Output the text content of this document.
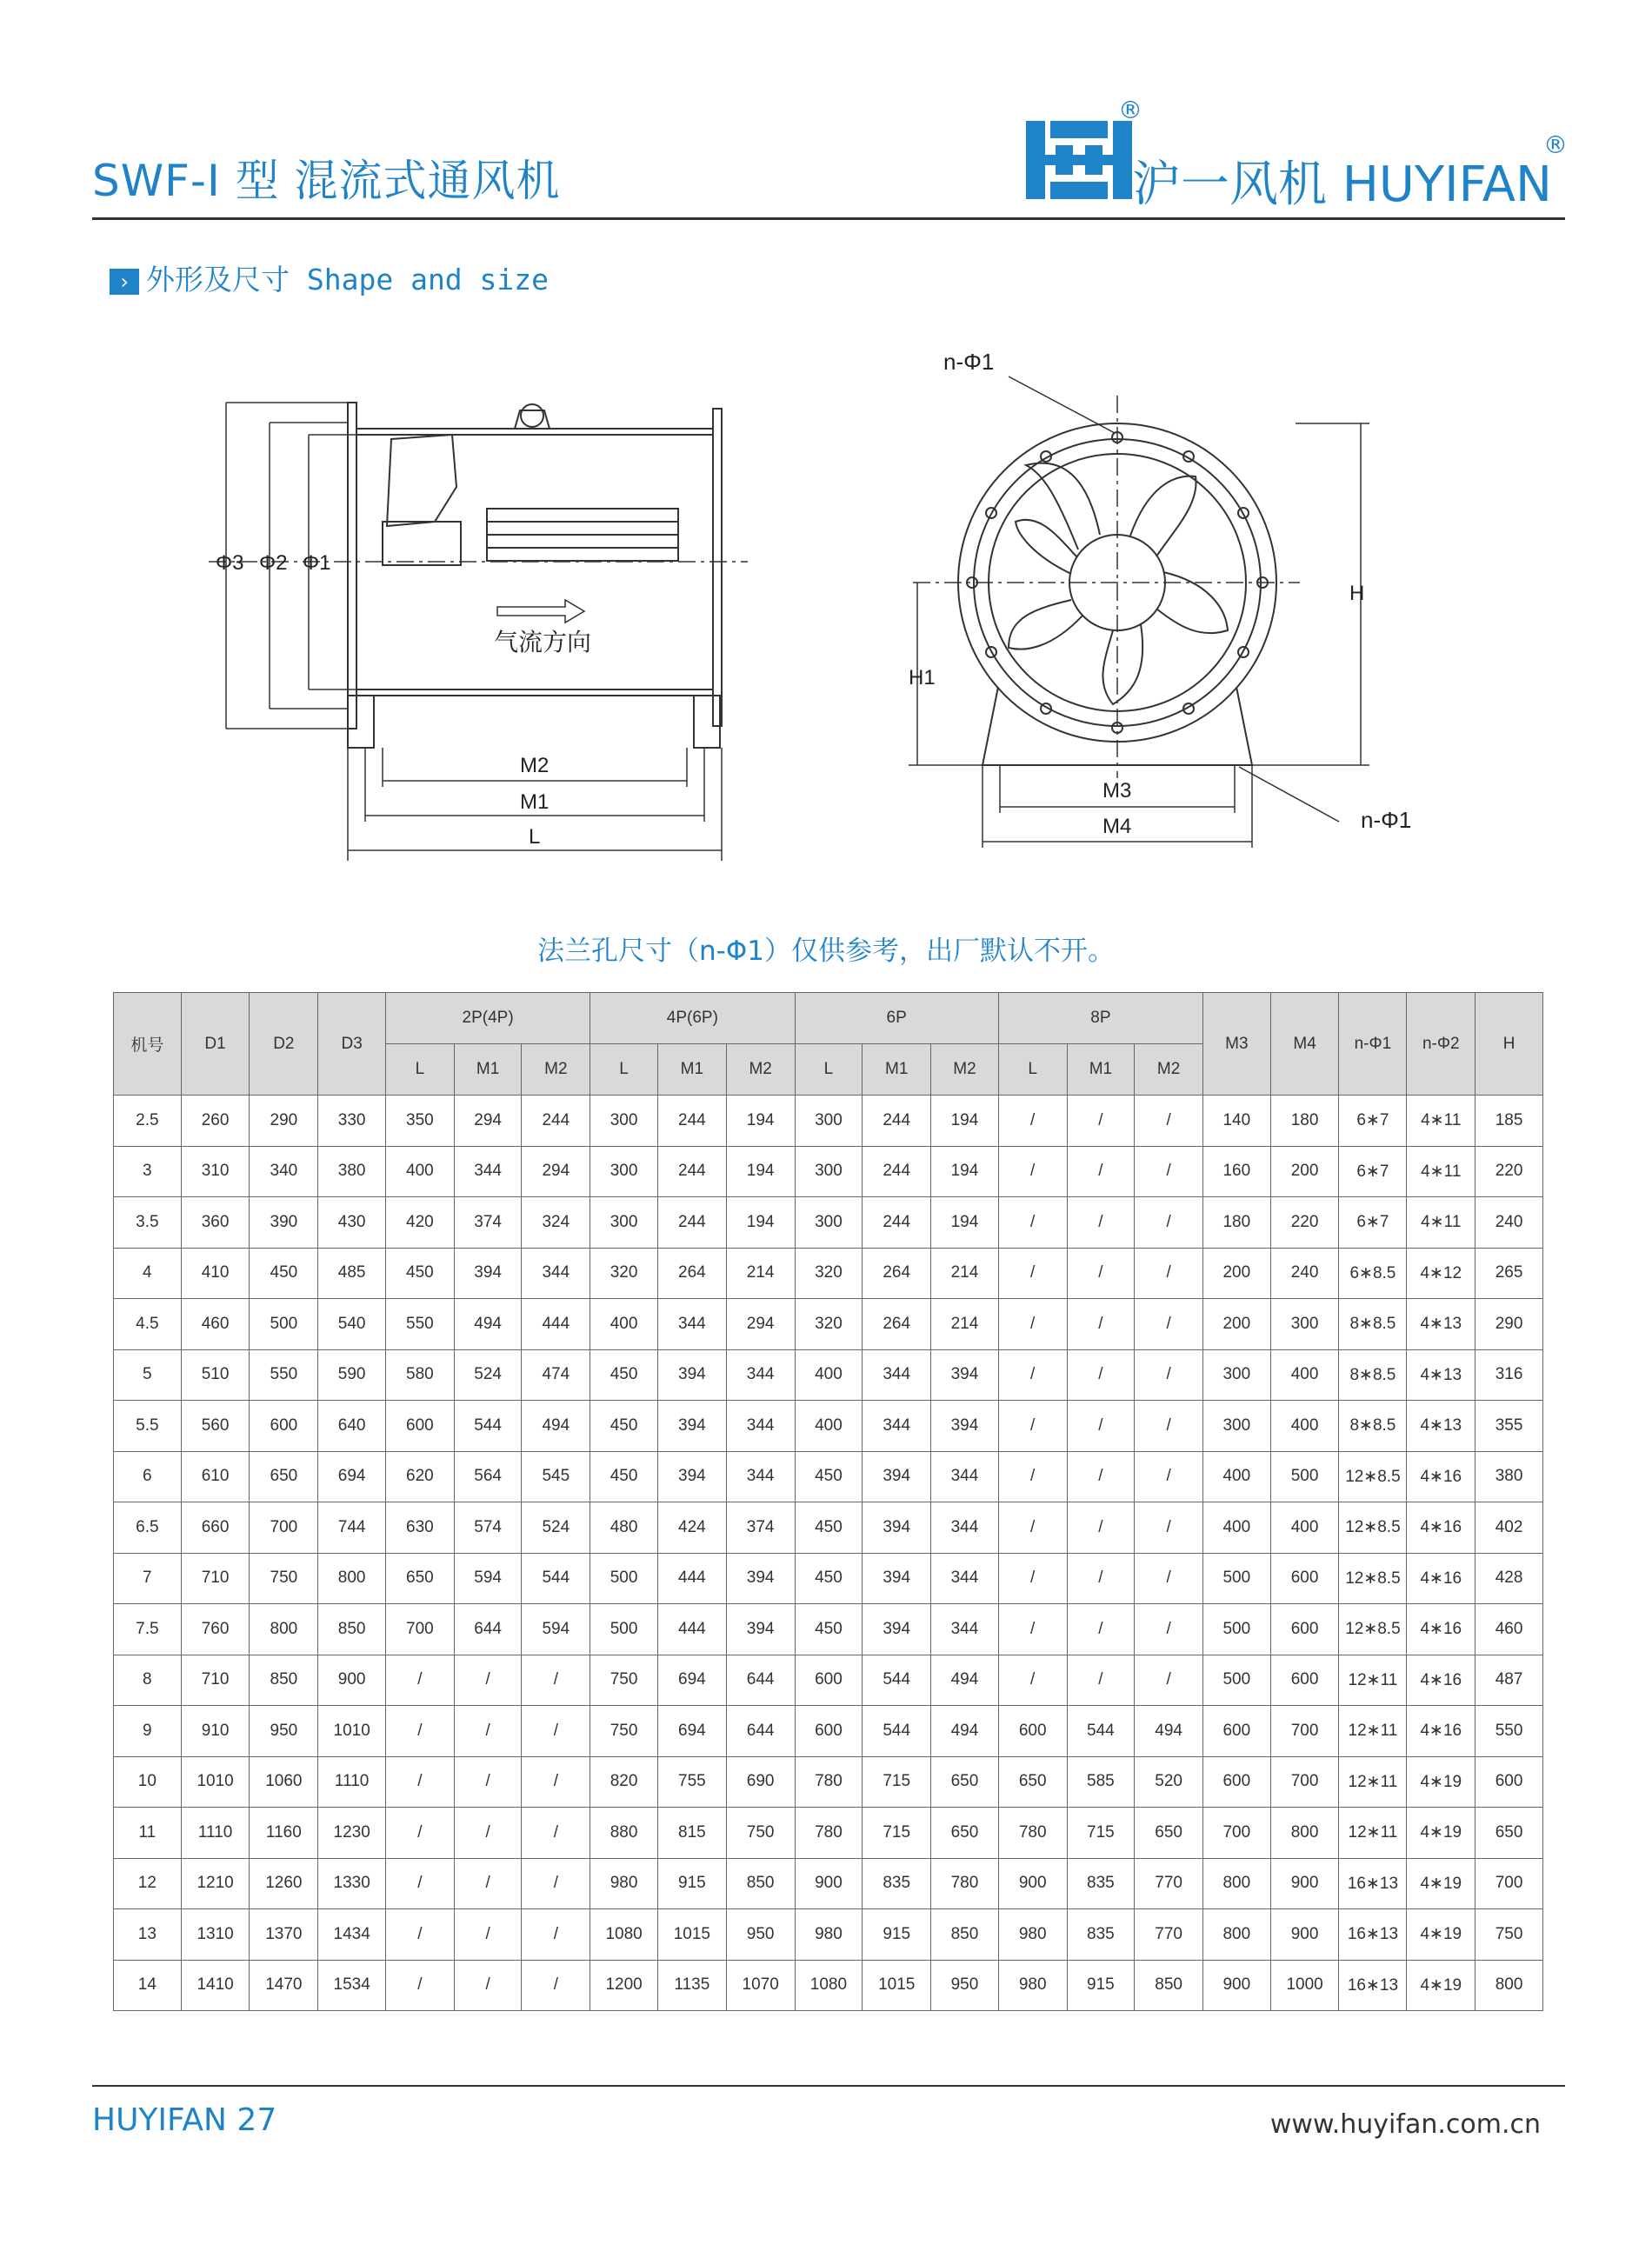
SWF-I 型 混流式通风机
®
沪一风机 HUYIFAN
®
› 外形及尺寸 Shape and size
Φ3 Φ2 Φ1
气流方向
M2
M1
L
n-Φ1
H
H1
M3
M4	n-Φ1
法兰孔尺寸（n-Φ1）仅供参考，出厂默认不开。
机号	D1	D2	D3	2P(4P)			4P(6P)			6P			8P			M3	M4	n-Φ1	n-Φ2	H
				L	M1	M2	L	M1	M2	L	M1	M2	L	M1	M2					
2.5	260	290	330	350	294	244	300	244	194	300	244	194	/	/	/	140	180	6∗7	4∗11	185
3	310	340	380	400	344	294	300	244	194	300	244	194	/	/	/	160	200	6∗7	4∗11	220
3.5	360	390	430	420	374	324	300	244	194	300	244	194	/	/	/	180	220	6∗7	4∗11	240
4	410	450	485	450	394	344	320	264	214	320	264	214	/	/	/	200	240	6∗8.5	4∗12	265
4.5	460	500	540	550	494	444	400	344	294	320	264	214	/	/	/	200	300	8∗8.5	4∗13	290
5	510	550	590	580	524	474	450	394	344	400	344	394	/	/	/	300	400	8∗8.5	4∗13	316
5.5	560	600	640	600	544	494	450	394	344	400	344	394	/	/	/	300	400	8∗8.5	4∗13	355
6	610	650	694	620	564	545	450	394	344	450	394	344	/	/	/	400	500	12∗8.5	4∗16	380
6.5	660	700	744	630	574	524	480	424	374	450	394	344	/	/	/	400	400	12∗8.5	4∗16	402
7	710	750	800	650	594	544	500	444	394	450	394	344	/	/	/	500	600	12∗8.5	4∗16	428
7.5	760	800	850	700	644	594	500	444	394	450	394	344	/	/	/	500	600	12∗8.5	4∗16	460
8	710	850	900	/	/	/	750	694	644	600	544	494	/	/	/	500	600	12∗11	4∗16	487
9	910	950	1010	/	/	/	750	694	644	600	544	494	600	544	494	600	700	12∗11	4∗16	550
10	1010	1060	1110	/	/	/	820	755	690	780	715	650	650	585	520	600	700	12∗11	4∗19	600
11	1110	1160	1230	/	/	/	880	815	750	780	715	650	780	715	650	700	800	12∗11	4∗19	650
12	1210	1260	1330	/	/	/	980	915	850	900	835	780	900	835	770	800	900	16∗13	4∗19	700
13	1310	1370	1434	/	/	/	1080	1015	950	980	915	850	980	835	770	800	900	16∗13	4∗19	750
14	1410	1470	1534	/	/	/	1200	1135	1070	1080	1015	950	980	915	850	900	1000	16∗13	4∗19	800
HUYIFAN 27	www.huyifan.com.cn
